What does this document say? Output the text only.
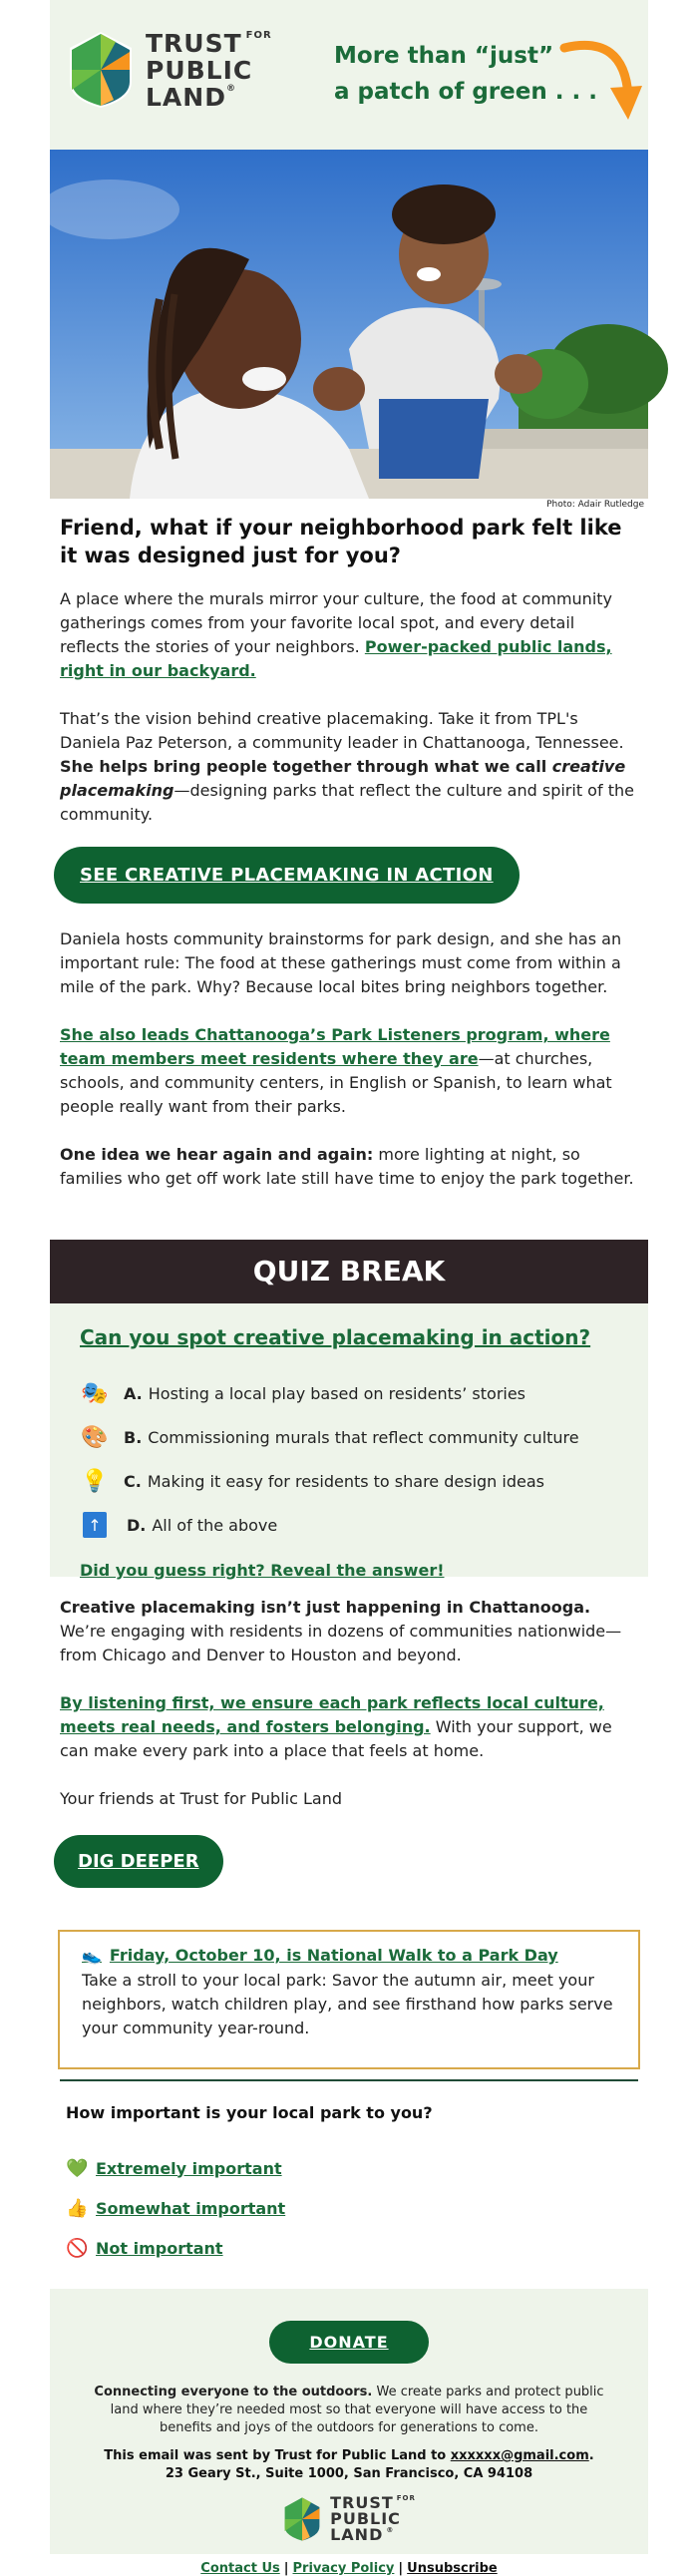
TRUST $^{FOR}$
PUBLIC
LAND®
More than “just”
a patch of green . . .
Photo: Adair Rutledge
Friend, what if your neighborhood park felt like it was designed just for you?

A place where the murals mirror your culture, the food at community gatherings comes from your favorite local spot, and every detail reflects the stories of your neighbors. Power-packed public lands, right in our backyard.

That’s the vision behind creative placemaking. Take it from TPL's Daniela Paz Peterson, a community leader in Chattanooga, Tennessee. She helps bring people together through what we call creative placemaking—designing parks that reflect the culture and spirit of the community.

SEE CREATIVE PLACEMAKING IN ACTION

Daniela hosts community brainstorms for park design, and she has an important rule: The food at these gatherings must come from within a mile of the park. Why? Because local bites bring neighbors together.

She also leads Chattanooga’s Park Listeners program, where team members meet residents where they are—at churches, schools, and community centers, in English or Spanish, to learn what people really want from their parks.

One idea we hear again and again: more lighting at night, so families who get off work late still have time to enjoy the park together.

QUIZ BREAK
Can you spot creative placemaking in action?
🎭 A. Hosting a local play based on residents’ stories
🎨 B. Commissioning murals that reflect community culture
💡 C. Making it easy for residents to share design ideas
↑	D. All of the above
Did you guess right? Reveal the answer!

Creative placemaking isn’t just happening in Chattanooga. We’re engaging with residents in dozens of communities nationwide—from Chicago and Denver to Houston and beyond.

By listening first, we ensure each park reflects local culture, meets real needs, and fosters belonging. With your support, we can make every park into a place that feels at home.

Your friends at Trust for Public Land

DIG DEEPER
👟 Friday, October 10, is National Walk to a Park Day
Take a stroll to your local park: Savor the autumn air, meet your neighbors, watch children play, and see firsthand how parks serve your community year-round.
How important is your local park to you?
💚 Extremely important
👍 Somewhat important
🚫 Not important
DONATE
Connecting everyone to the outdoors. We create parks and protect public land where they’re needed most so that everyone will have access to the benefits and joys of the outdoors for generations to come.
This email was sent by Trust for Public Land to xxxxxx@gmail.com.
23 Geary St., Suite 1000, San Francisco, CA 94108
TRUST $^{FOR}$
PUBLIC
LAND ®
Contact Us | Privacy Policy | Unsubscribe
